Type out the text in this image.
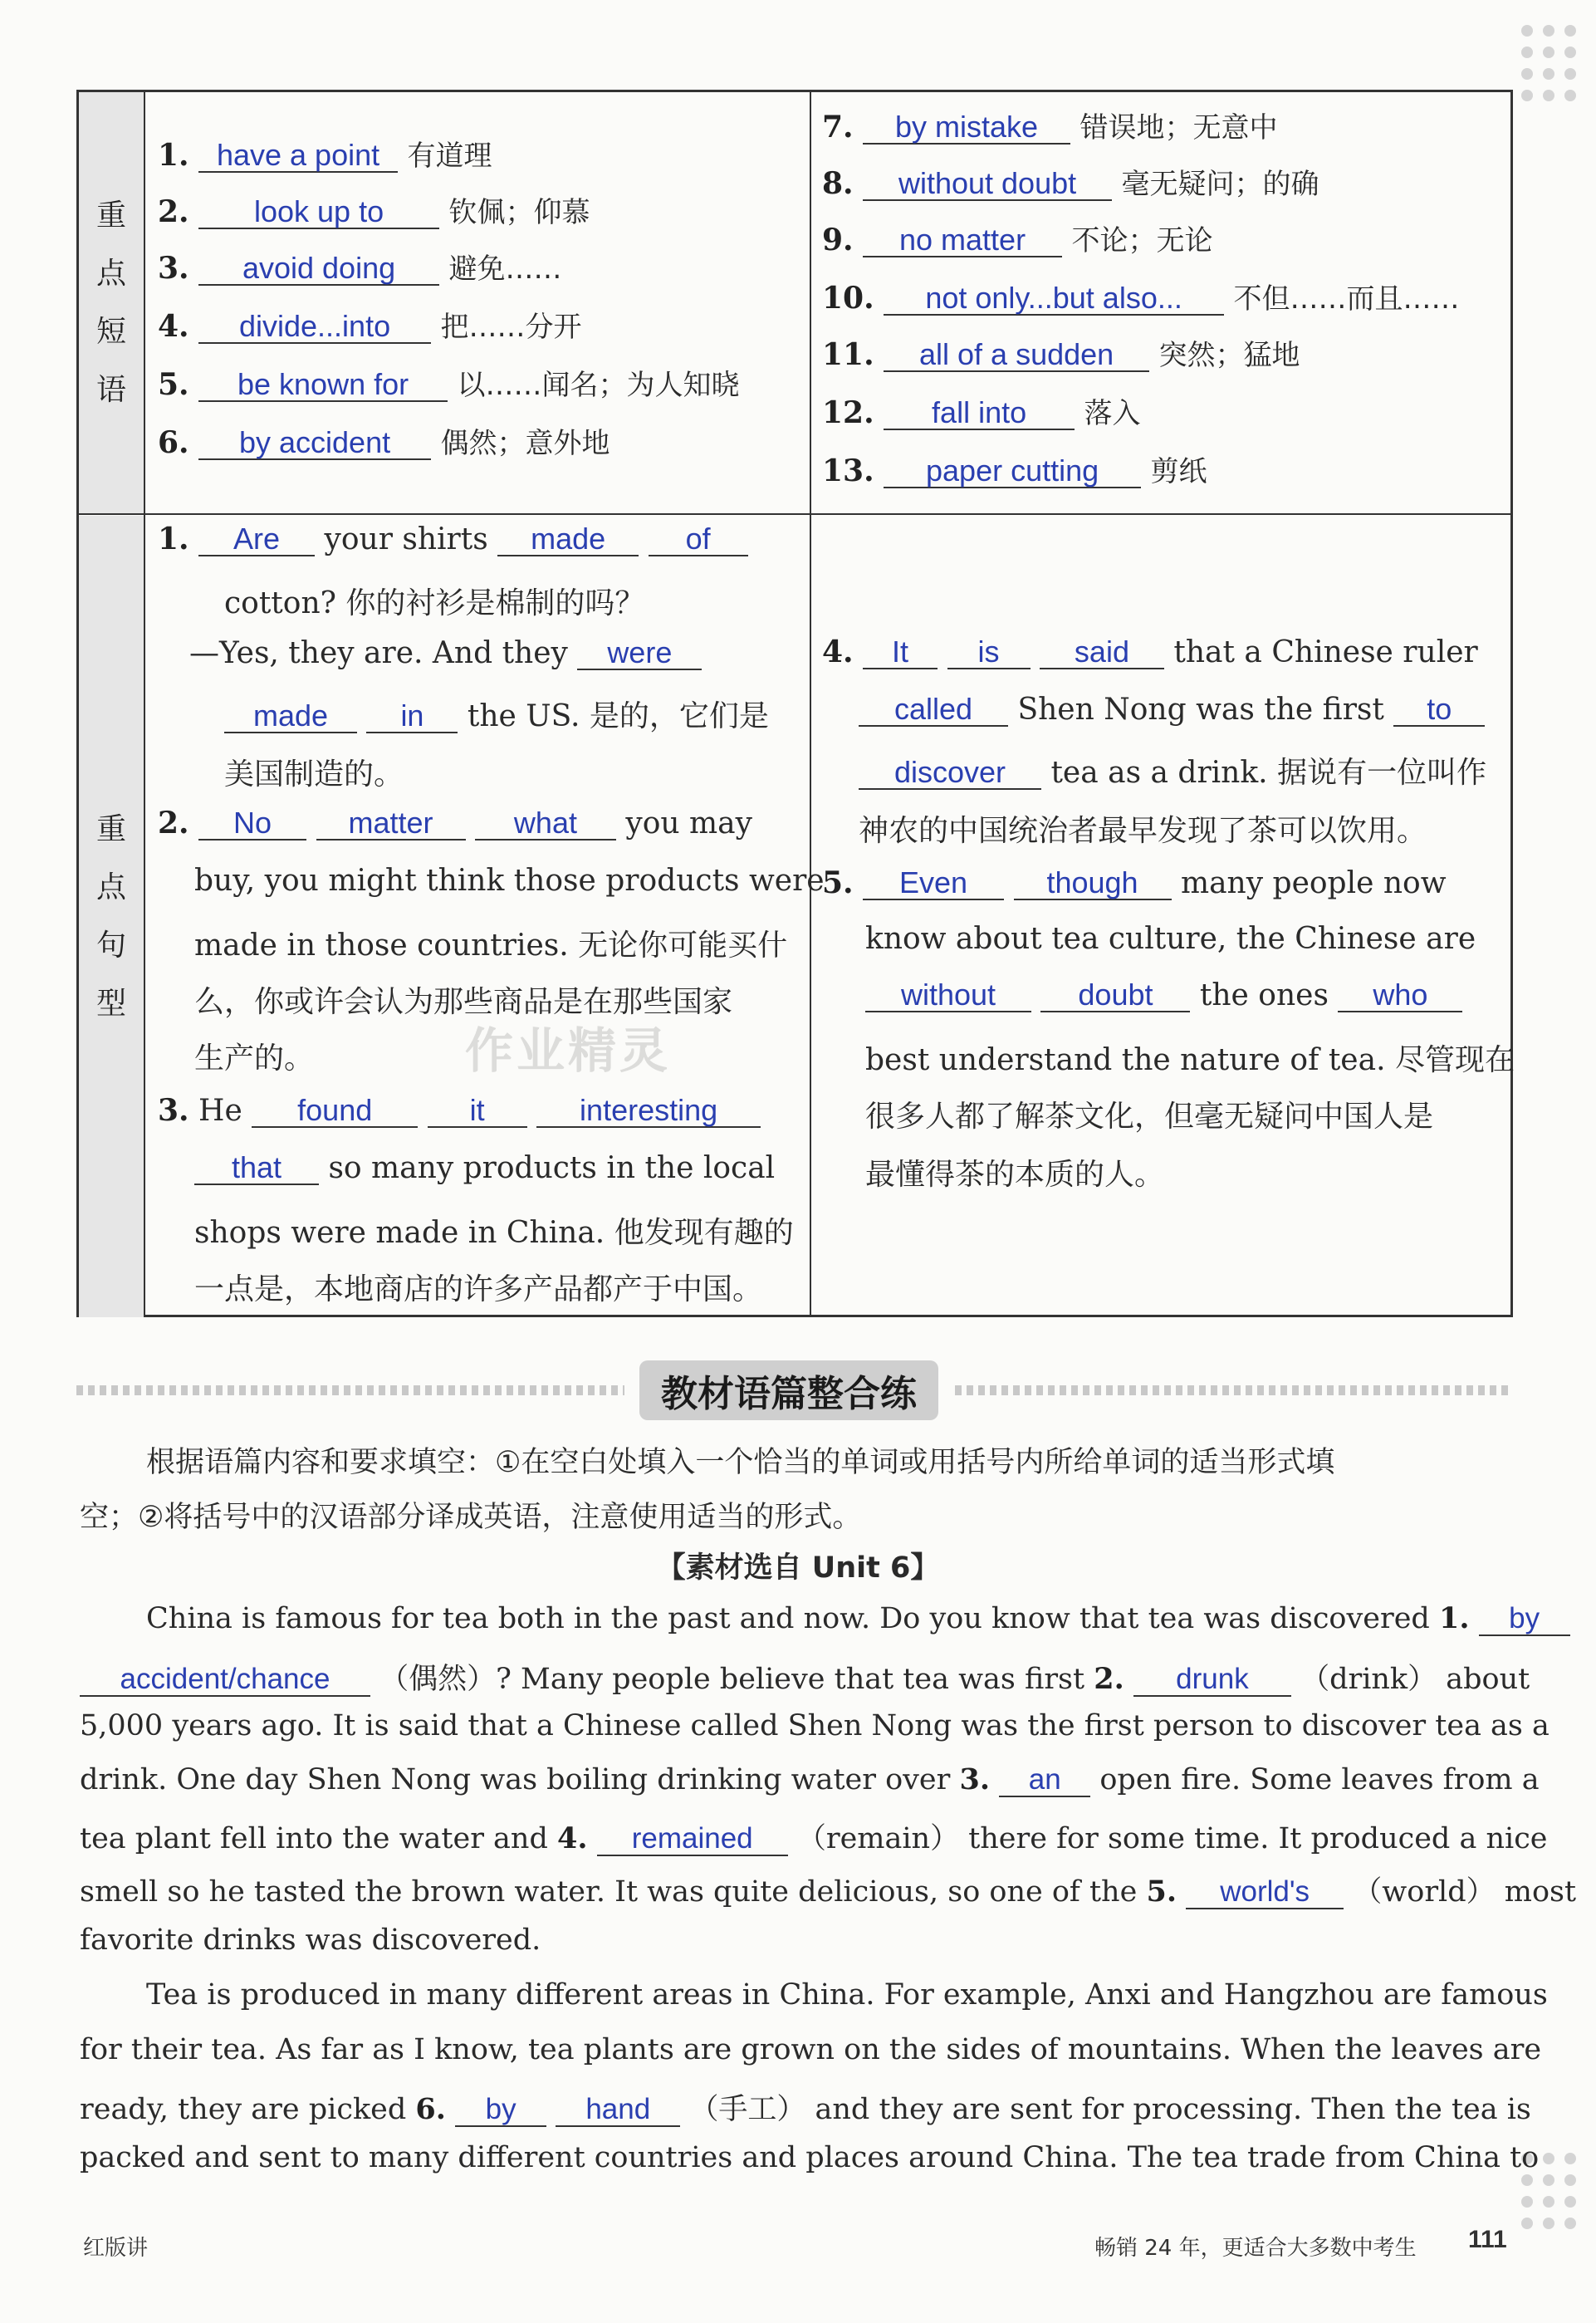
重
点
短
语
重
点
句
型
1. have a point 有道理
2. look up to 钦佩；仰慕
3. avoid doing 避免……
4. divide...into 把……分开
5. be known for 以……闻名；为人知晓
6. by accident 偶然；意外地
7. by mistake 错误地；无意中
8. without doubt 毫无疑问；的确
9. no matter 不论；无论
10. not only...but also... 不但……而且……
11. all of a sudden 突然；猛地
12. fall into 落入
13. paper cutting 剪纸
1. Are your shirts made	of
cotton? 你的衬衫是棉制的吗？
—Yes, they are. And they were
made in the US. 是的，它们是
美国制造的。
2. No	matter	what you may
buy, you might think those products were
made in those countries. 无论你可能买什
么，你或许会认为那些商品是在那些国家
生产的。
3. He found	it	interesting
that so many products in the local
shops were made in China. 他发现有趣的
一点是，本地商店的许多产品都产于中国。
4. It is	said that a Chinese ruler
called Shen Nong was the first to
discover tea as a drink. 据说有一位叫作
神农的中国统治者最早发现了茶可以饮用。
5. Even	though many people now
know about tea culture, the Chinese are
without	doubt the ones who
best understand the nature of tea. 尽管现在
很多人都了解茶文化，但毫无疑问中国人是
最懂得茶的本质的人。
作业精灵
教材语篇整合练
根据语篇内容和要求填空：①在空白处填入一个恰当的单词或用括号内所给单词的适当形式填
空；②将括号中的汉语部分译成英语，注意使用适当的形式。
【素材选自 Unit 6】
China is famous for tea both in the past and now. Do you know that tea was discovered 1. by
accident/chance （偶然）? Many people believe that tea was first 2. drunk （drink） about
5,000 years ago. It is said that a Chinese called Shen Nong was the first person to discover tea as a
drink. One day Shen Nong was boiling drinking water over 3. an open fire. Some leaves from a
tea plant fell into the water and 4. remained （remain） there for some time. It produced a nice
smell so he tasted the brown water. It was quite delicious, so one of the 5. world's （world） most
favorite drinks was discovered.
Tea is produced in many different areas in China. For example, Anxi and Hangzhou are famous
for their tea. As far as I know, tea plants are grown on the sides of mountains. When the leaves are
ready, they are picked 6. by hand （手工） and they are sent for processing. Then the tea is
packed and sent to many different countries and places around China. The tea trade from China to
红版讲	畅销 24 年，更适合大多数中考生 111
